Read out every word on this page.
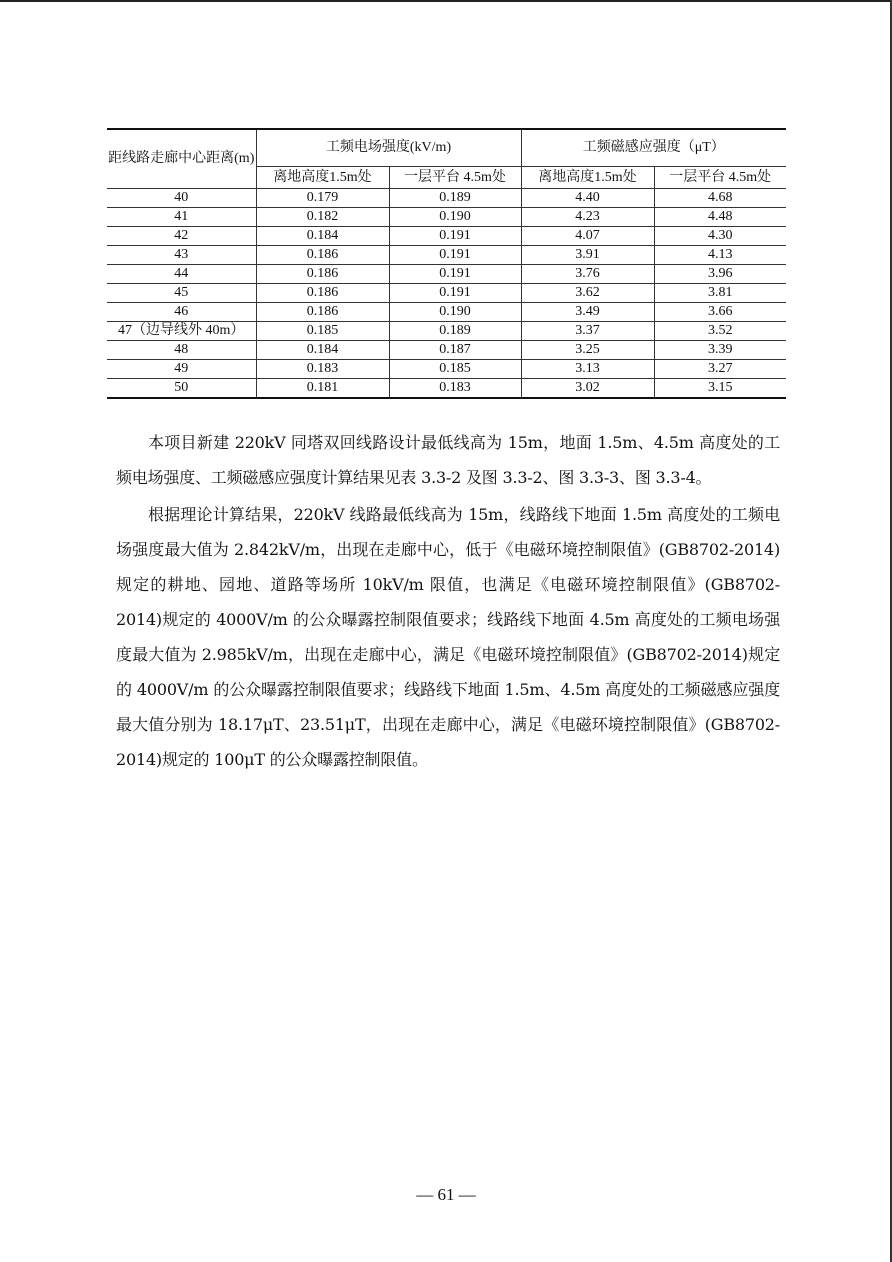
距线路走廊中心距离(m)	工频电场强度(kV/m)		工频磁感应强度（μT）	
	离地高度1.5m处	一层平台 4.5m处	离地高度1.5m处	一层平台 4.5m处
40	0.179	0.189	4.40	4.68
41	0.182	0.190	4.23	4.48
42	0.184	0.191	4.07	4.30
43	0.186	0.191	3.91	4.13
44	0.186	0.191	3.76	3.96
45	0.186	0.191	3.62	3.81
46	0.186	0.190	3.49	3.66
47（边导线外 40m）	0.185	0.189	3.37	3.52
48	0.184	0.187	3.25	3.39
49	0.183	0.185	3.13	3.27
50	0.181	0.183	3.02	3.15

本项目新建 220kV 同塔双回线路设计最低线高为 15m，地面 1.5m、4.5m 高度处的工频电场强度、工频磁感应强度计算结果见表 3.3-2 及图 3.3-2、图 3.3-3、图 3.3-4。

根据理论计算结果，220kV 线路最低线高为 15m，线路线下地面 1.5m 高度处的工频电场强度最大值为 2.842kV/m，出现在走廊中心，低于《电磁环境控制限值》(GB8702-2014)规定的耕地、园地、道路等场所 10kV/m 限值，也满足《电磁环境控制限值》(GB8702-2014)规定的 4000V/m 的公众曝露控制限值要求；线路线下地面 4.5m 高度处的工频电场强度最大值为 2.985kV/m，出现在走廊中心，满足《电磁环境控制限值》(GB8702-2014)规定的 4000V/m 的公众曝露控制限值要求；线路线下地面 1.5m、4.5m 高度处的工频磁感应强度最大值分别为 18.17μT、23.51μT，出现在走廊中心，满足《电磁环境控制限值》(GB8702-2014)规定的 100μT 的公众曝露控制限值。

— 61 —
